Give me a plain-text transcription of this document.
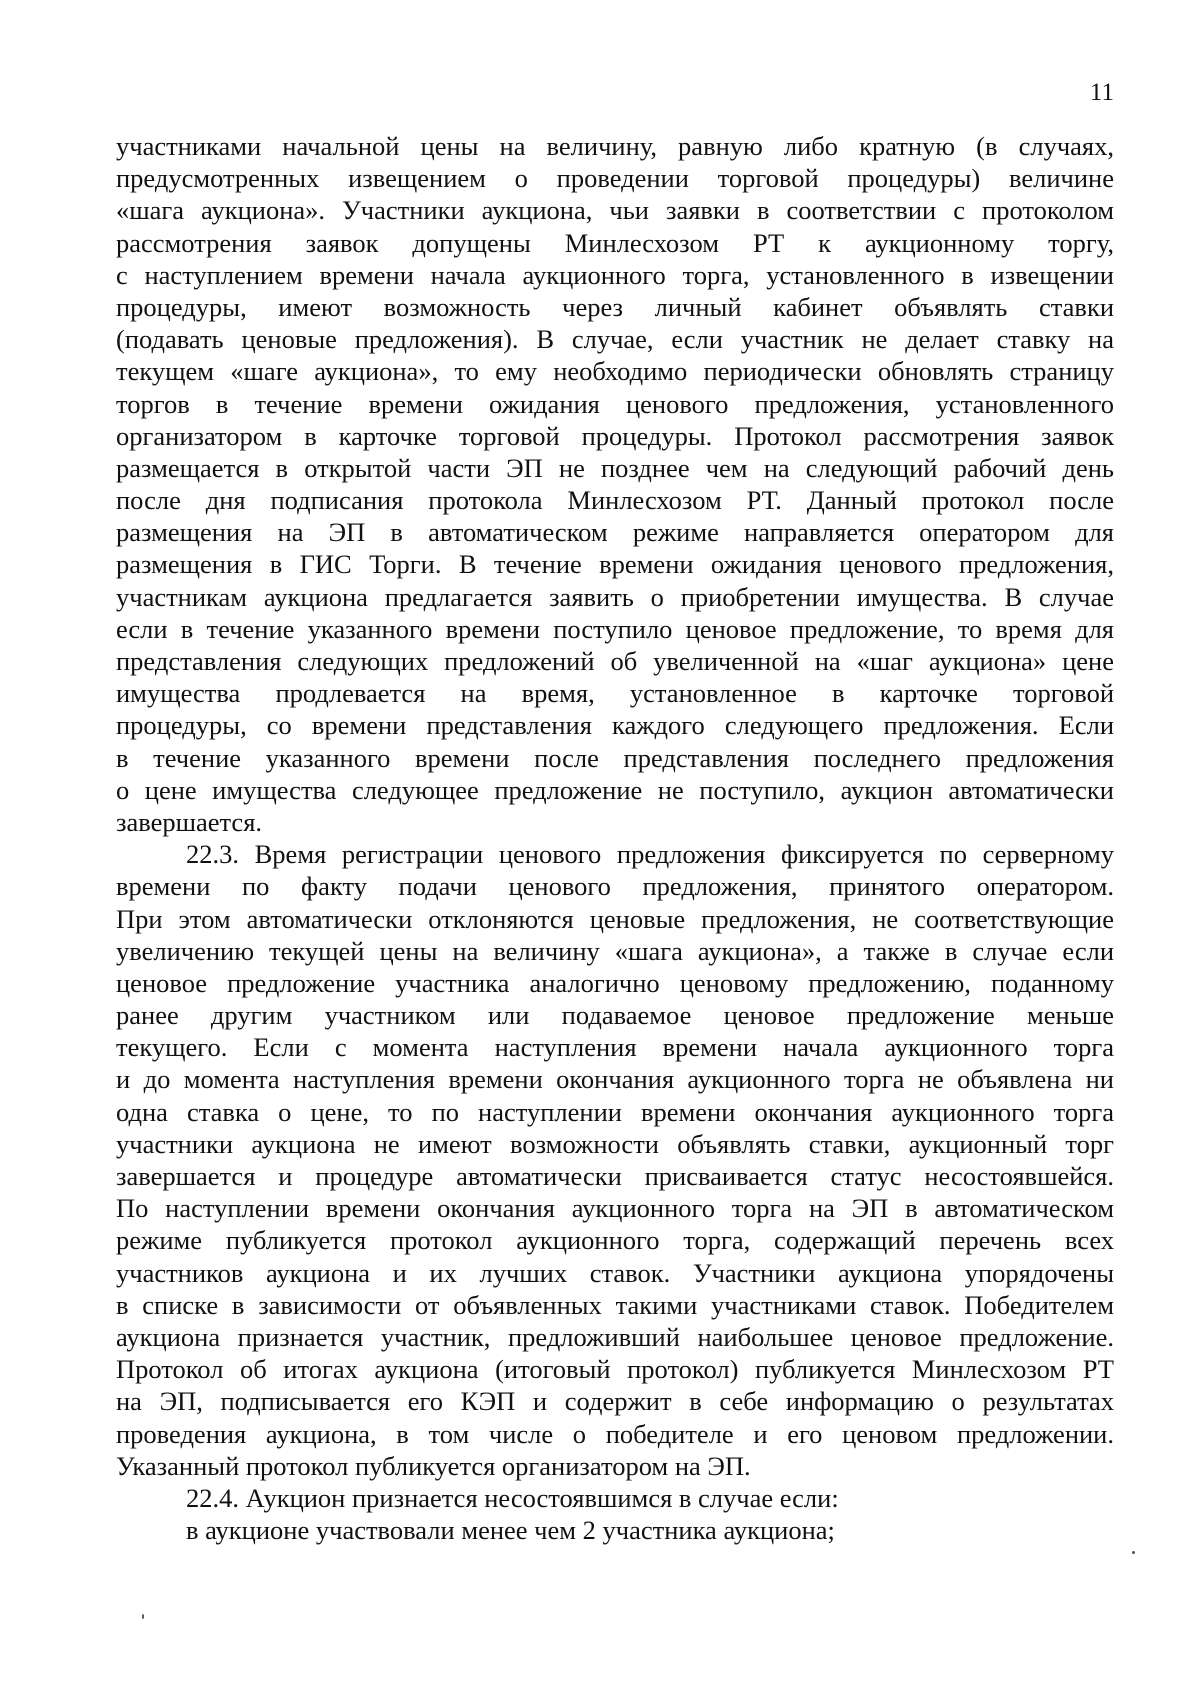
11
участниками начальной цены на величину, равную либо кратную (в случаях,
предусмотренных извещением о проведении торговой процедуры) величине
«шага аукциона». Участники аукциона, чьи заявки в соответствии с протоколом
рассмотрения заявок допущены Минлесхозом РТ к аукционному торгу,
с наступлением времени начала аукционного торга, установленного в извещении
процедуры, имеют возможность через личный кабинет объявлять ставки
(подавать ценовые предложения). В случае, если участник не делает ставку на
текущем «шаге аукциона», то ему необходимо периодически обновлять страницу
торгов в течение времени ожидания ценового предложения, установленного
организатором в карточке торговой процедуры. Протокол рассмотрения заявок
размещается в открытой части ЭП не позднее чем на следующий рабочий день
после дня подписания протокола Минлесхозом РТ. Данный протокол после
размещения на ЭП в автоматическом режиме направляется оператором для
размещения в ГИС Торги. В течение времени ожидания ценового предложения,
участникам аукциона предлагается заявить о приобретении имущества. В случае
если в течение указанного времени поступило ценовое предложение, то время для
представления следующих предложений об увеличенной на «шаг аукциона» цене
имущества продлевается на время, установленное в карточке торговой
процедуры, со времени представления каждого следующего предложения. Если
в течение указанного времени после представления последнего предложения
о цене имущества следующее предложение не поступило, аукцион автоматически
завершается.
22.3. Время регистрации ценового предложения фиксируется по серверному
времени по факту подачи ценового предложения, принятого оператором.
При этом автоматически отклоняются ценовые предложения, не соответствующие
увеличению текущей цены на величину «шага аукциона», а также в случае если
ценовое предложение участника аналогично ценовому предложению, поданному
ранее другим участником или подаваемое ценовое предложение меньше
текущего. Если с момента наступления времени начала аукционного торга
и до момента наступления времени окончания аукционного торга не объявлена ни
одна ставка о цене, то по наступлении времени окончания аукционного торга
участники аукциона не имеют возможности объявлять ставки, аукционный торг
завершается и процедуре автоматически присваивается статус несостоявшейся.
По наступлении времени окончания аукционного торга на ЭП в автоматическом
режиме публикуется протокол аукционного торга, содержащий перечень всех
участников аукциона и их лучших ставок. Участники аукциона упорядочены
в списке в зависимости от объявленных такими участниками ставок. Победителем
аукциона признается участник, предложивший наибольшее ценовое предложение.
Протокол об итогах аукциона (итоговый протокол) публикуется Минлесхозом РТ
на ЭП, подписывается его КЭП и содержит в себе информацию о результатах
проведения аукциона, в том числе о победителе и его ценовом предложении.
Указанный протокол публикуется организатором на ЭП.
22.4. Аукцион признается несостоявшимся в случае если:
в аукционе участвовали менее чем 2 участника аукциона;
